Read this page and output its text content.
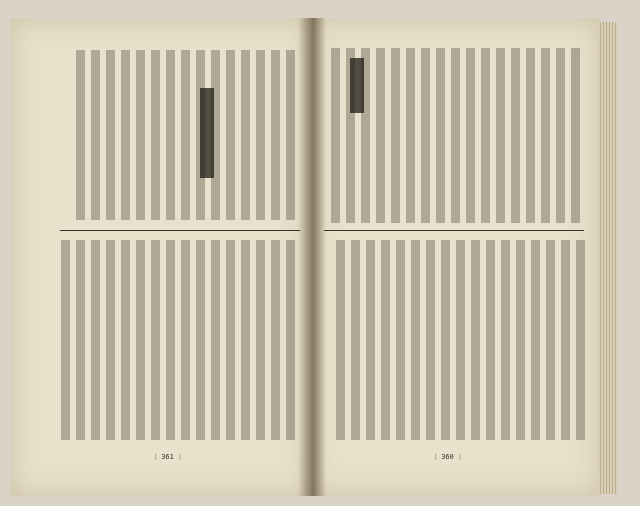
〔 361 〕	〔 360 〕
